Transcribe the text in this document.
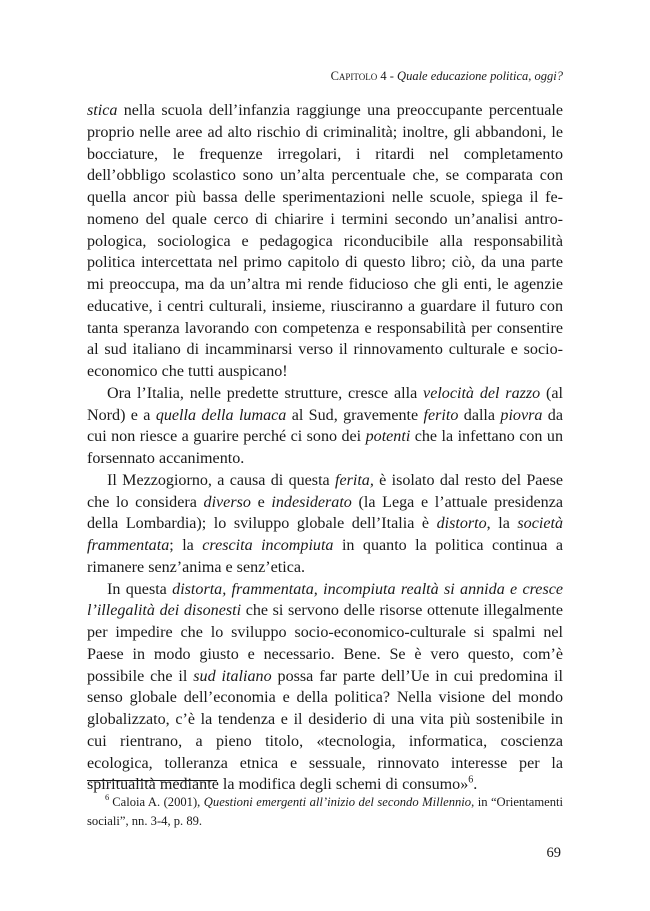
Capitolo 4 - Quale educazione politica, oggi?

stica nella scuola dell’infanzia raggiunge una preoccupante percentuale proprio nelle aree ad alto rischio di criminalità; inoltre, gli abbandoni, le bocciature, le frequenze irregolari, i ritardi nel completamento dell’obbligo scolastico sono un’alta percentuale che, se comparata con quella ancor più bassa delle sperimentazioni nelle scuole, spiega il fenomeno del quale cerco di chiarire i termini secondo un’analisi antropologica, sociologica e pedagogica riconducibile alla responsabilità politica intercettata nel primo capitolo di questo libro; ciò, da una parte mi preoccupa, ma da un’altra mi rende fiducioso che gli enti, le agenzie educative, i centri culturali, insieme, riusciranno a guardare il futuro con tanta speranza lavorando con competenza e responsabilità per consentire al sud italiano di incamminarsi verso il rinnovamento culturale e socio-economico che tutti auspicano!

Ora l’Italia, nelle predette strutture, cresce alla velocità del razzo (al Nord) e a quella della lumaca al Sud, gravemente ferito dalla piovra da cui non riesce a guarire perché ci sono dei potenti che la infettano con un forsennato accanimento.

Il Mezzogiorno, a causa di questa ferita, è isolato dal resto del Paese che lo considera diverso e indesiderato (la Lega e l’attuale presidenza della Lombardia); lo sviluppo globale dell’Italia è distorto, la società frammentata; la crescita incompiuta in quanto la politica continua a rimanere senz’anima e senz’etica.

In questa distorta, frammentata, incompiuta realtà si annida e cresce l’illegalità dei disonesti che si servono delle risorse ottenute illegalmente per impedire che lo sviluppo socio-economico-culturale si spalmi nel Paese in modo giusto e necessario. Bene. Se è vero questo, com’è possibile che il sud italiano possa far parte dell’Ue in cui predomina il senso globale dell’economia e della politica? Nella visione del mondo globalizzato, c’è la tendenza e il desiderio di una vita più sostenibile in cui rientrano, a pieno titolo, «tecnologia, informatica, coscienza ecologica, tolleranza etnica e sessuale, rinnovato interesse per la spiritualità mediante la modifica degli schemi di consumo»$^6$.

$^6$ Caloia A. (2001), Questioni emergenti all’inizio del secondo Millennio, in “Orientamenti sociali”, nn. 3-4, p. 89.
69
